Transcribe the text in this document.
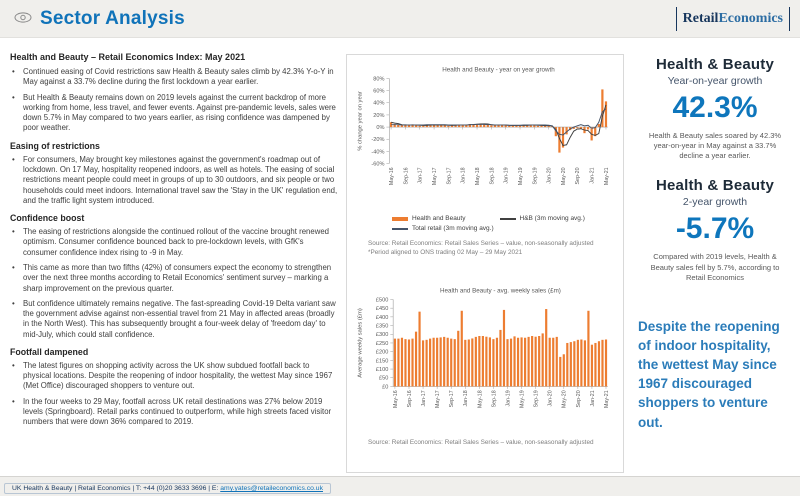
Sector Analysis	Retail Economics
Health and Beauty – Retail Economics Index: May 2021
•	Continued easing of Covid restrictions saw Health & Beauty sales climb by 42.3% Y-o-Y in May against a 33.7% decline during the first lockdown a year earlier.
•	But Health & Beauty remains down on 2019 levels against the current backdrop of more working from home, less travel, and fewer events. Against pre-pandemic levels, sales were down 5.7% in May compared to two years earlier, as rising confidence was dampened by poor weather.
Easing of restrictions
•	For consumers, May brought key milestones against the government's roadmap out of lockdown. On 17 May, hospitality reopened indoors, as well as hotels. The easing of social restrictions meant people could meet in groups of up to 30 outdoors, and six people or two households could meet indoors. International travel saw the 'Stay in the UK' regulation end, and the traffic light system introduced.
Confidence boost
•	The easing of restrictions alongside the continued rollout of the vaccine brought renewed optimism. Consumer confidence bounced back to pre-lockdown levels, with GfK's consumer confidence index rising to -9 in May.
•	This came as more than two fifths (42%) of consumers expect the economy to strengthen over the next three months according to Retail Economics' sentiment survey – marking a sharp improvement on the previous quarter.
•	But confidence ultimately remains negative. The fast-spreading Covid-19 Delta variant saw the government advise against non-essential travel from 21 May in affected areas (broadly in the North West). This has subsequently brought a four-week delay of 'freedom day' to mid-July, which could stall confidence.
Footfall dampened
•	The latest figures on shopping activity across the UK show subdued footfall back to physical locations. Despite the reopening of indoor hospitality, the wettest May since 1967 (Met Office) discouraged shoppers to venture out.
•	In the four weeks to 29 May, footfall across UK retail destinations was 27% below 2019 levels (Springboard). Retail parks continued to outperform, while high streets faced visitor numbers that were down 36% compared to 2019.
Health and Beauty - year on year growth
% change year on year
80%
60%
40%
20%
0%
-20%
-40%
-60%
May-16 Sep-16 Jan-17 May-17 Sep-17 Jan-18 May-18 Sep-18 Jan-19 May-19 Sep-19 Jan-20 May-20 Sep-20 Jan-21 May-21
Health and Beauty	H&B (3m moving avg.)
Total retail (3m moving avg.)
Source: Retail Economics: Retail Sales Series – value, non-seasonally adjusted
*Period aligned to ONS trading 02 May – 29 May 2021
Health and Beauty - avg. weekly sales (£m)
Average weekly sales (£m)
£500
£450
£400
£350
£300
£250
£200
£150
£100
£50
£0
May-16 Sep-16 Jan-17 May-17 Sep-17 Jan-18 May-18 Sep-18 Jan-19 May-19 Sep-19 Jan-20 May-20 Sep-20 Jan-21 May-21
Source: Retail Economics: Retail Sales Series – value, non-seasonally adjusted
Health & Beauty
Year-on-year growth
42.3%
Health & Beauty sales soared by 42.3% year-on-year in May against a 33.7% decline a year earlier.
Health & Beauty
2-year growth
-5.7%
Compared with 2019 levels, Health & Beauty sales fell by 5.7%, according to Retail Economics
Despite the reopening of indoor hospitality, the wettest May since 1967 discouraged shoppers to venture out.
UK Health & Beauty | Retail Economics | T: +44 (0)20 3633 3696 | E: amy.yates@retaileconomics.co.uk
